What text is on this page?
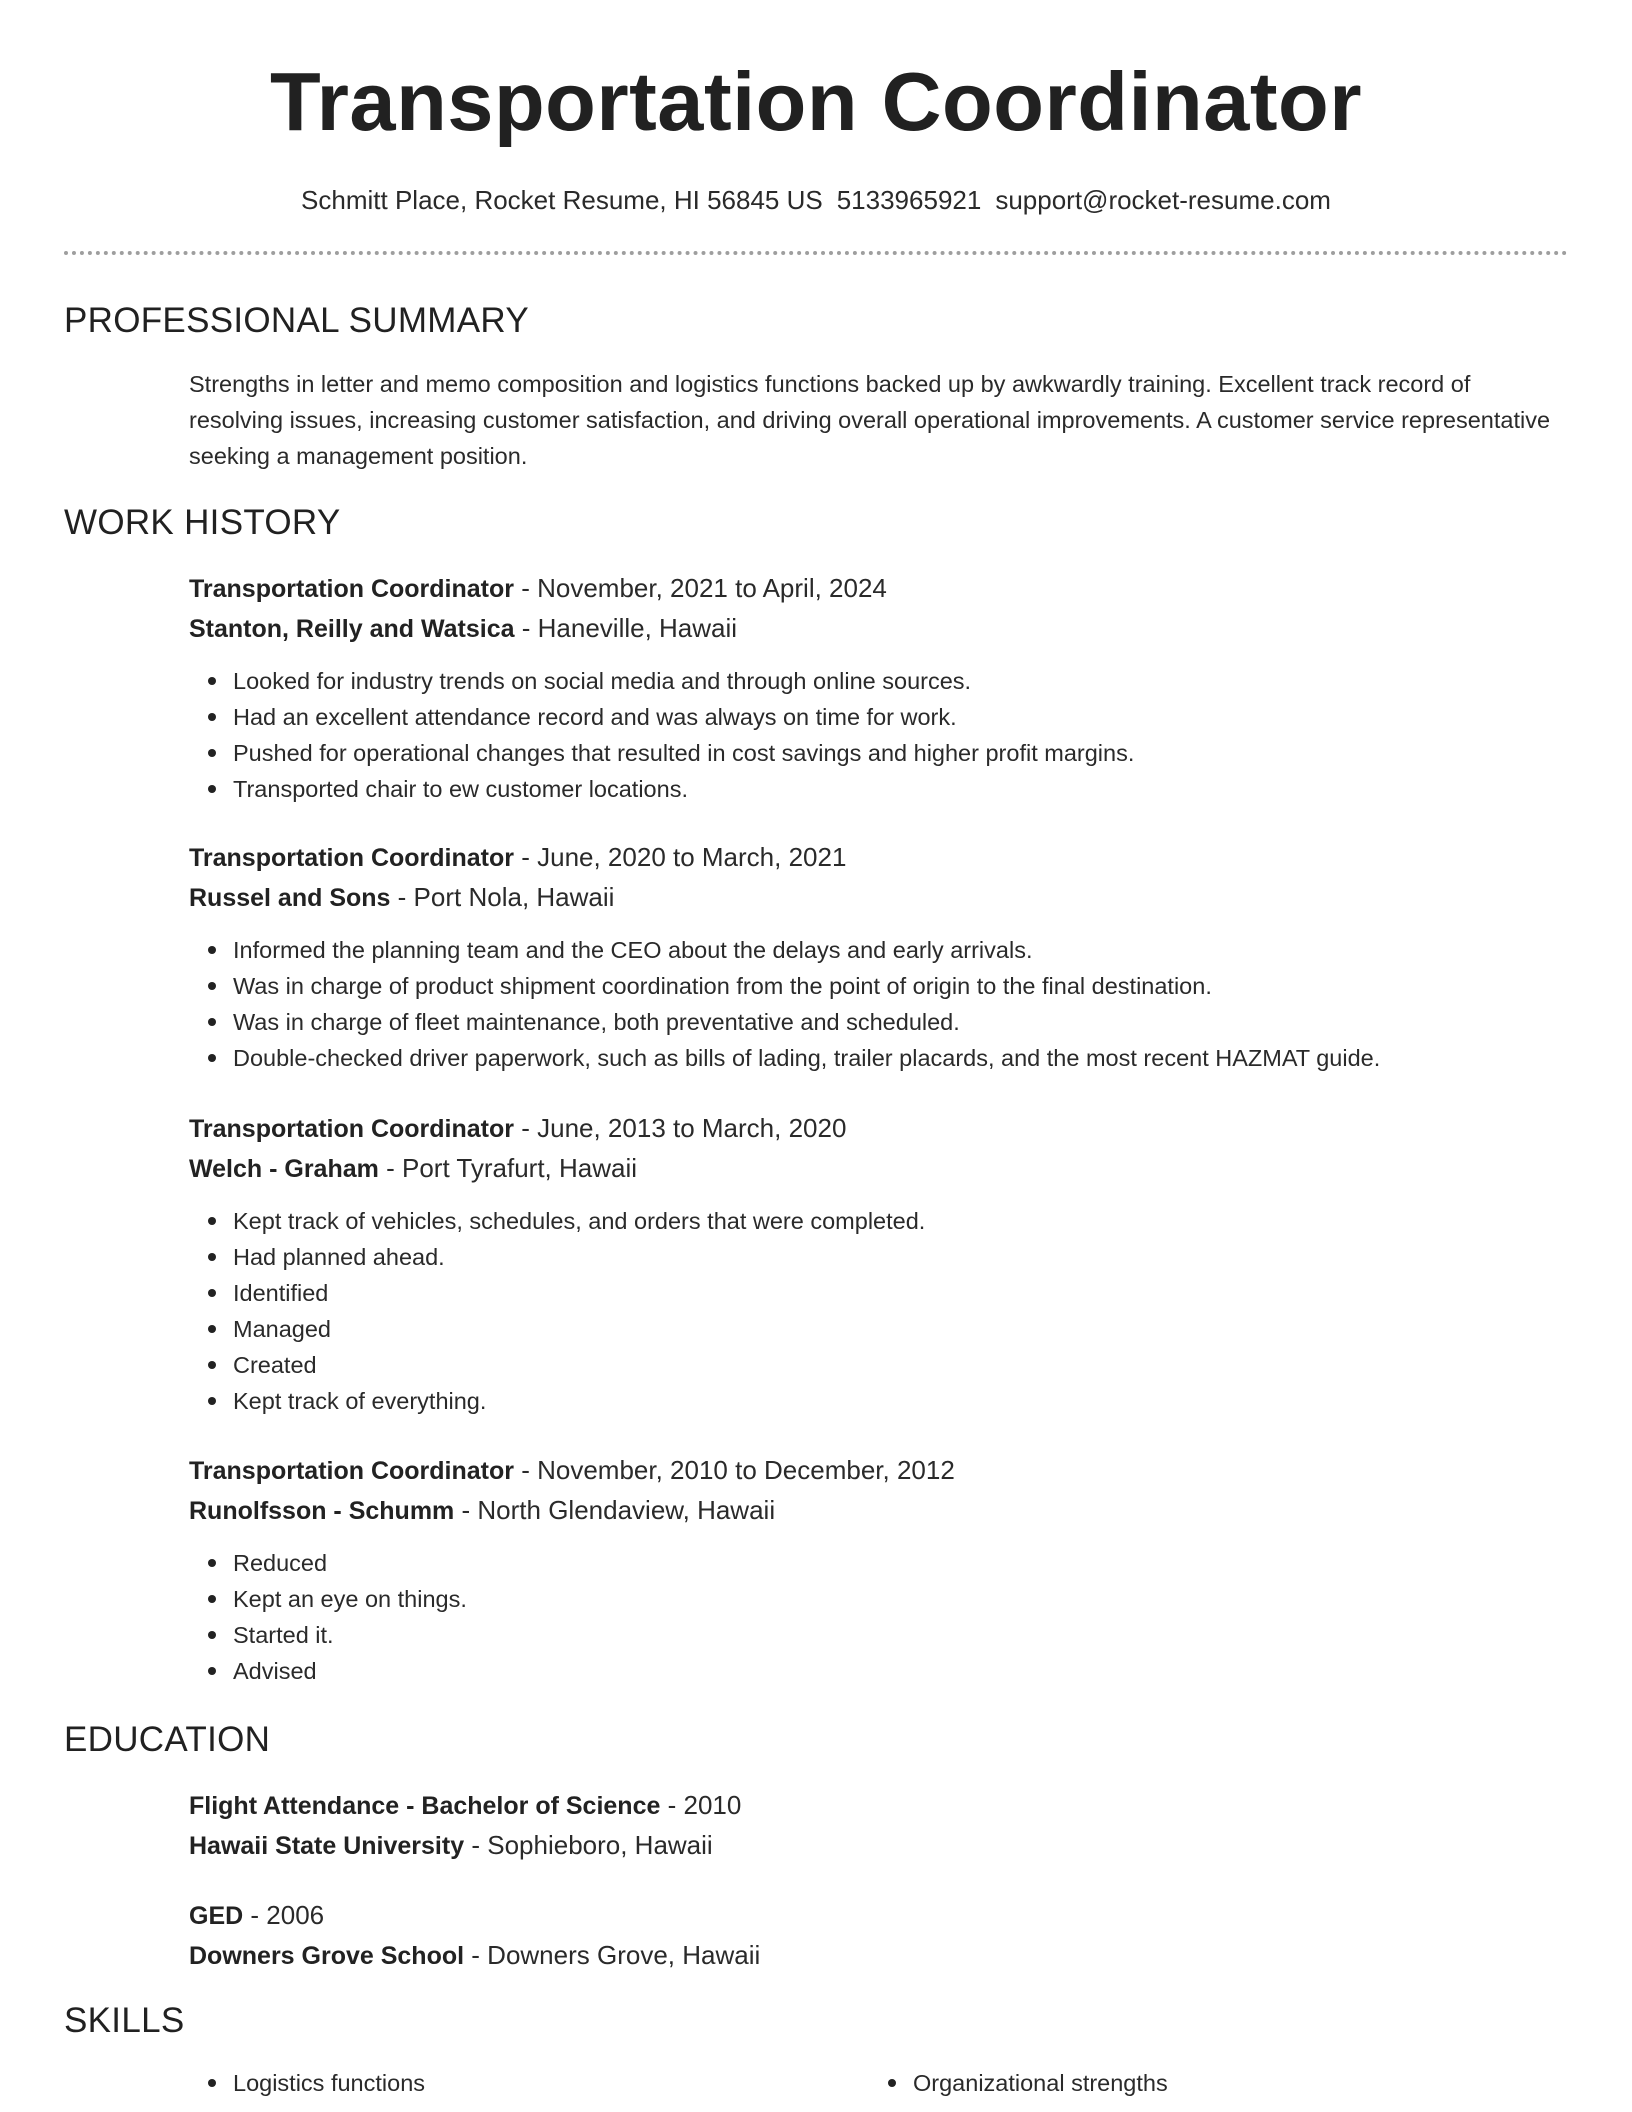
Transportation Coordinator
Schmitt Place, Rocket Resume, HI 56845 US 5133965921 support@rocket-resume.com
PROFESSIONAL SUMMARY
Strengths in letter and memo composition and logistics functions backed up by awkwardly training. Excellent track record of resolving issues, increasing customer satisfaction, and driving overall operational improvements. A customer service representative seeking a management position.
WORK HISTORY
Transportation Coordinator - November, 2021 to April, 2024
Stanton, Reilly and Watsica - Haneville, Hawaii
Looked for industry trends on social media and through online sources.
Had an excellent attendance record and was always on time for work.
Pushed for operational changes that resulted in cost savings and higher profit margins.
Transported chair to ew customer locations.
Transportation Coordinator - June, 2020 to March, 2021
Russel and Sons - Port Nola, Hawaii
Informed the planning team and the CEO about the delays and early arrivals.
Was in charge of product shipment coordination from the point of origin to the final destination.
Was in charge of fleet maintenance, both preventative and scheduled.
Double-checked driver paperwork, such as bills of lading, trailer placards, and the most recent HAZMAT guide.
Transportation Coordinator - June, 2013 to March, 2020
Welch - Graham - Port Tyrafurt, Hawaii
Kept track of vehicles, schedules, and orders that were completed.
Had planned ahead.
Identified
Managed
Created
Kept track of everything.
Transportation Coordinator - November, 2010 to December, 2012
Runolfsson - Schumm - North Glendaview, Hawaii
Reduced
Kept an eye on things.
Started it.
Advised
EDUCATION
Flight Attendance - Bachelor of Science - 2010
Hawaii State University - Sophieboro, Hawaii
GED - 2006
Downers Grove School - Downers Grove, Hawaii
SKILLS
Logistics functions	Organizational strengths
